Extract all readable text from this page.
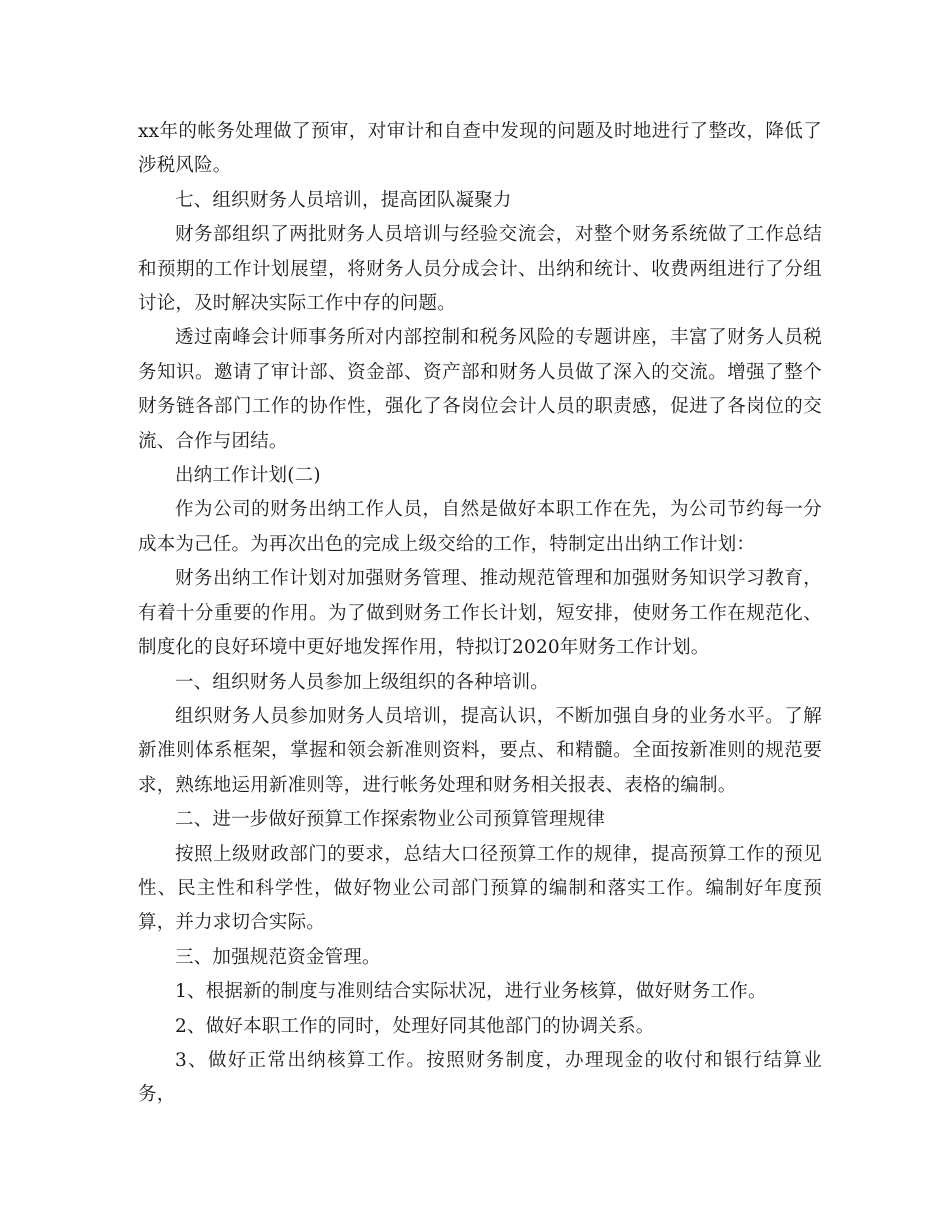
xx年的帐务处理做了预审，对审计和自查中发现的问题及时地进行了整改，降低了涉税风险。

七、组织财务人员培训，提高团队凝聚力

财务部组织了两批财务人员培训与经验交流会，对整个财务系统做了工作总结和预期的工作计划展望，将财务人员分成会计、出纳和统计、收费两组进行了分组讨论，及时解决实际工作中存的问题。

透过南峰会计师事务所对内部控制和税务风险的专题讲座，丰富了财务人员税务知识。邀请了审计部、资金部、资产部和财务人员做了深入的交流。增强了整个财务链各部门工作的协作性，强化了各岗位会计人员的职责感，促进了各岗位的交流、合作与团结。

出纳工作计划(二)

作为公司的财务出纳工作人员，自然是做好本职工作在先，为公司节约每一分成本为己任。为再次出色的完成上级交给的工作，特制定出出纳工作计划：

财务出纳工作计划对加强财务管理、推动规范管理和加强财务知识学习教育，有着十分重要的作用。为了做到财务工作长计划，短安排，使财务工作在规范化、制度化的良好环境中更好地发挥作用，特拟订2020年财务工作计划。

一、组织财务人员参加上级组织的各种培训。

组织财务人员参加财务人员培训，提高认识，不断加强自身的业务水平。了解新准则体系框架，掌握和领会新准则资料，要点、和精髓。全面按新准则的规范要求，熟练地运用新准则等，进行帐务处理和财务相关报表、表格的编制。

二、进一步做好预算工作探索物业公司预算管理规律

按照上级财政部门的要求，总结大口径预算工作的规律，提高预算工作的预见性、民主性和科学性，做好物业公司部门预算的编制和落实工作。编制好年度预算，并力求切合实际。

三、加强规范资金管理。

1、根据新的制度与准则结合实际状况，进行业务核算，做好财务工作。

2、做好本职工作的同时，处理好同其他部门的协调关系。

3、做好正常出纳核算工作。按照财务制度，办理现金的收付和银行结算业务，
